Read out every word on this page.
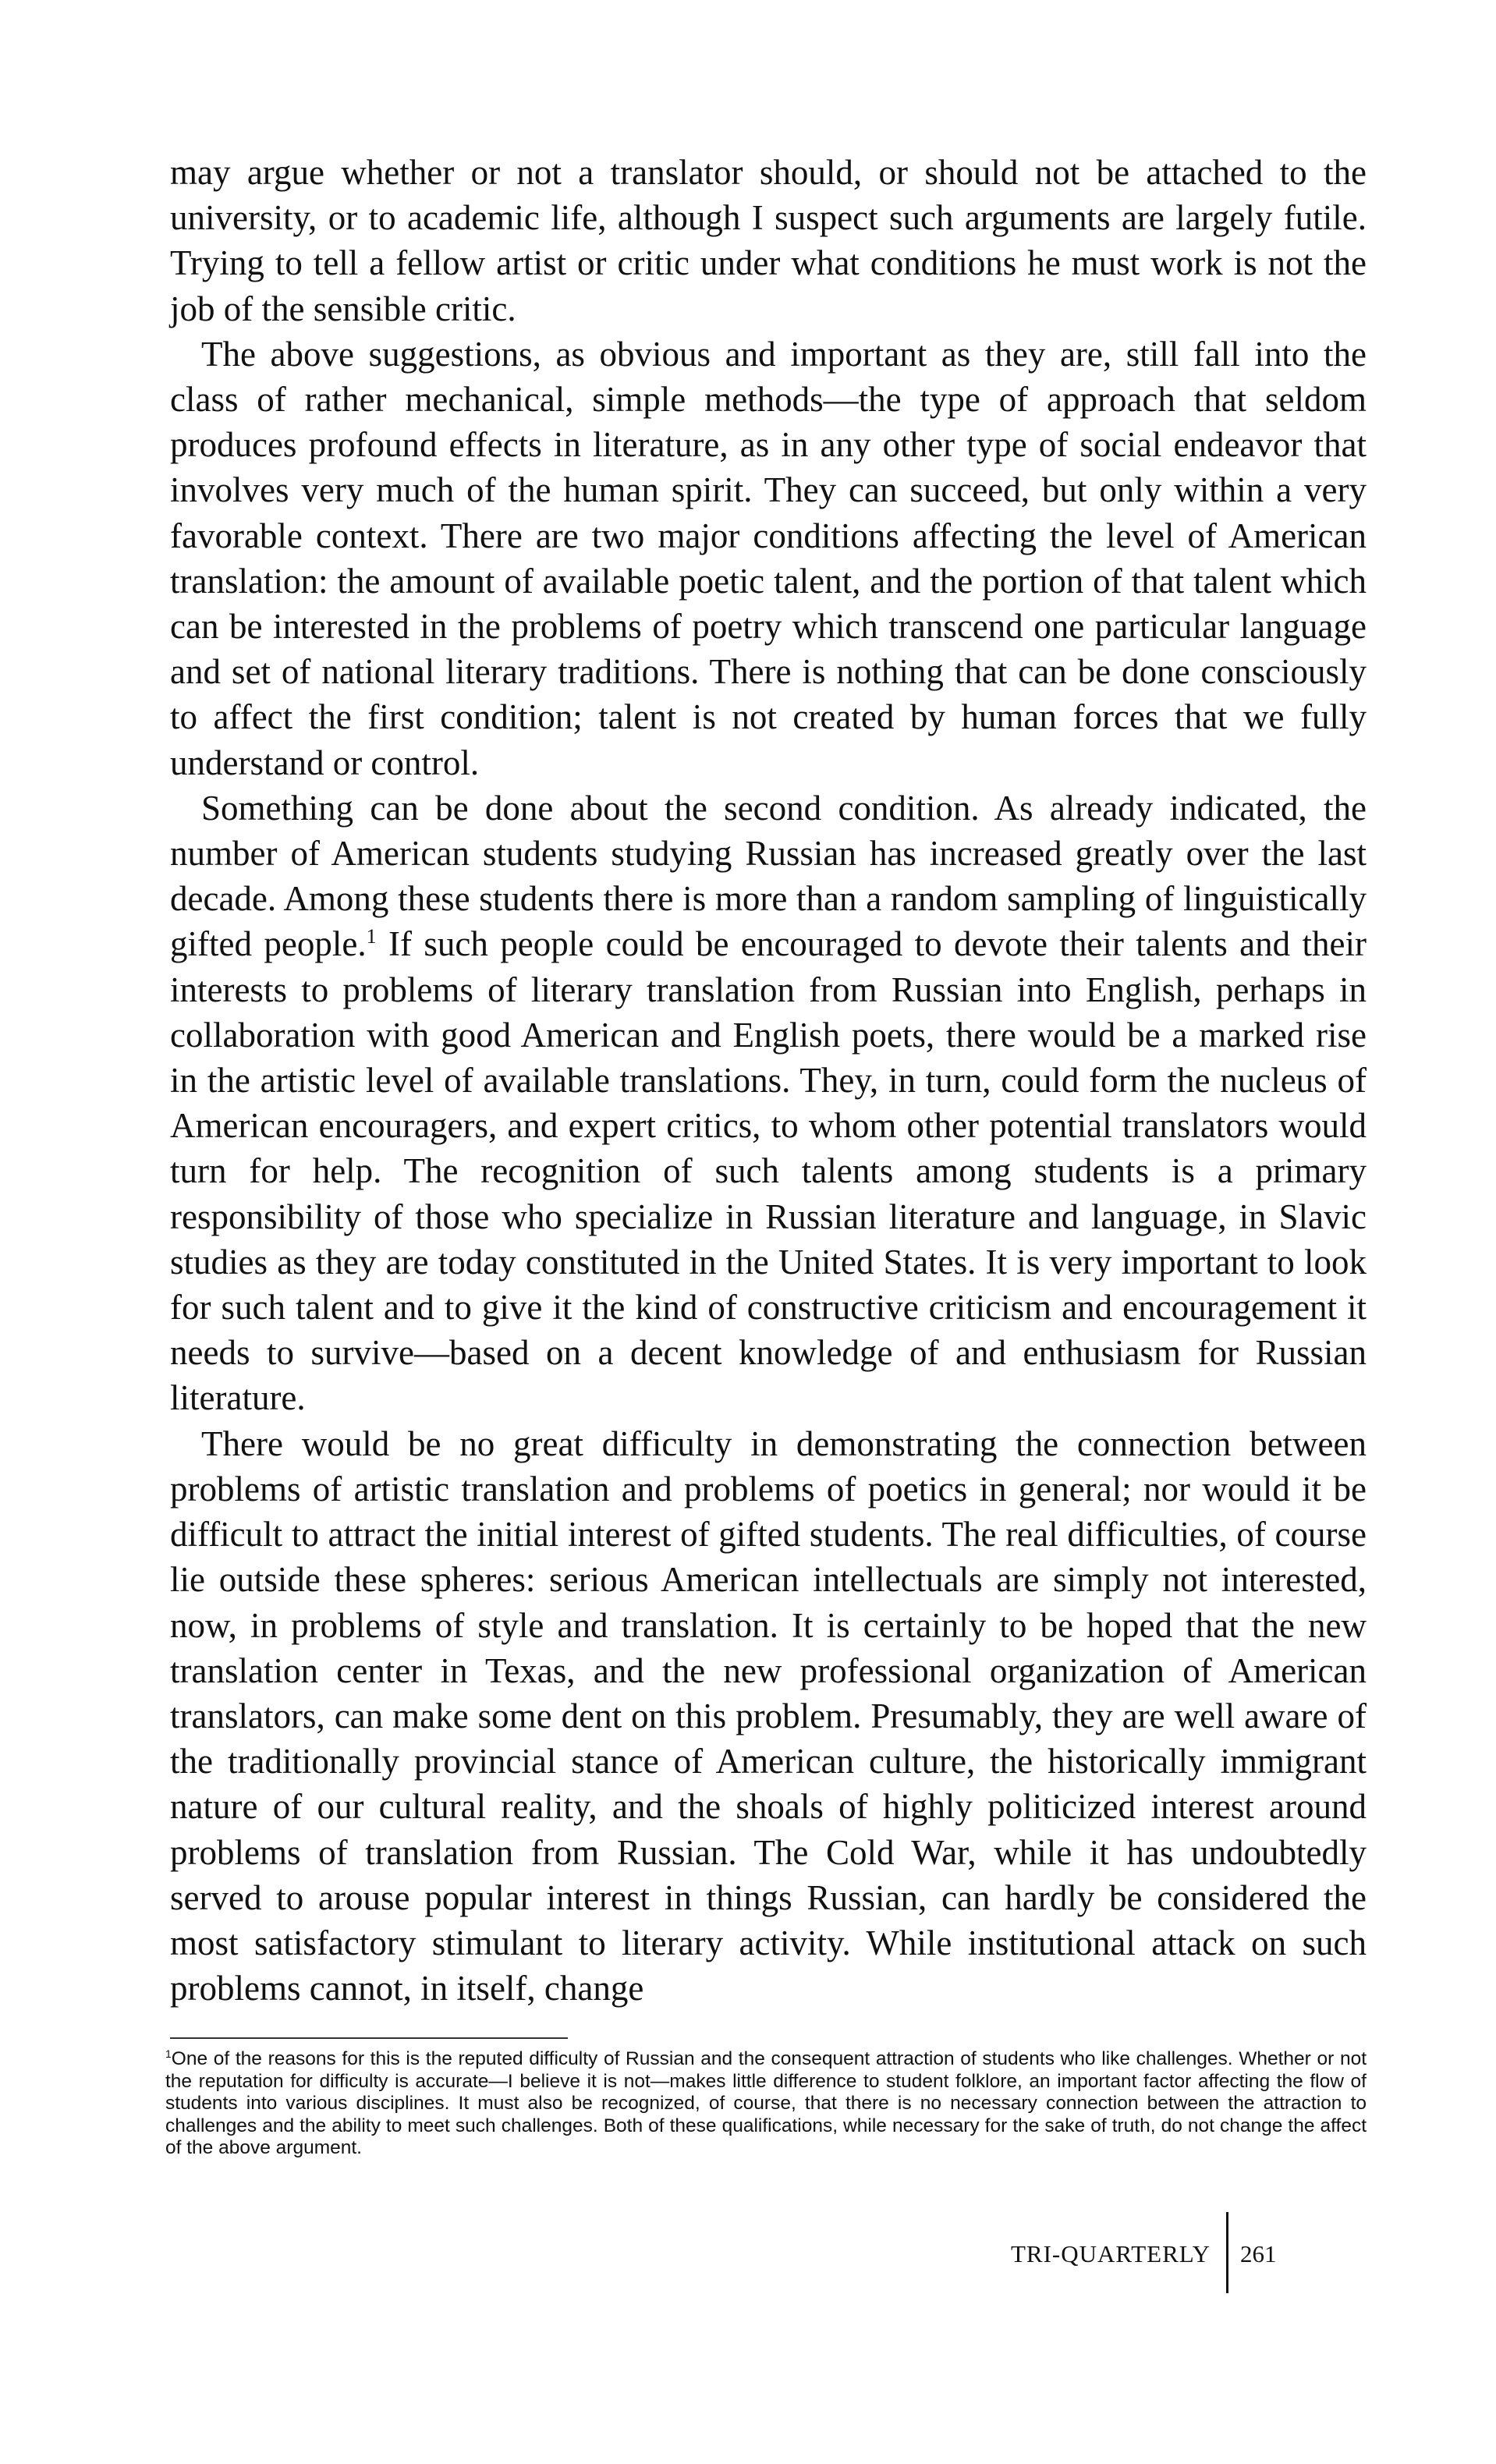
may argue whether or not a translator should, or should not be attached to the university, or to academic life, although I suspect such arguments are largely futile. Trying to tell a fellow artist or critic under what conditions he must work is not the job of the sensible critic.

The above suggestions, as obvious and important as they are, still fall into the class of rather mechanical, simple methods—the type of approach that seldom produces profound effects in literature, as in any other type of social endeavor that involves very much of the human spirit. They can succeed, but only within a very favorable context. There are two major conditions affecting the level of American translation: the amount of available poetic talent, and the portion of that talent which can be interested in the problems of poetry which transcend one particular language and set of national literary traditions. There is nothing that can be done consciously to affect the first condition; talent is not created by human forces that we fully understand or control.

Something can be done about the second condition. As already indicated, the number of American students studying Russian has increased greatly over the last decade. Among these students there is more than a random sampling of linguistically gifted people.$^1$ If such people could be encouraged to devote their talents and their interests to problems of literary translation from Russian into English, perhaps in collaboration with good American and English poets, there would be a marked rise in the artistic level of available translations. They, in turn, could form the nucleus of American encouragers, and expert critics, to whom other potential translators would turn for help. The recognition of such talents among students is a primary responsibility of those who specialize in Russian literature and language, in Slavic studies as they are today constituted in the United States. It is very important to look for such talent and to give it the kind of constructive criticism and encouragement it needs to survive—based on a decent knowledge of and enthusiasm for Russian literature.

There would be no great difficulty in demonstrating the connection between problems of artistic translation and problems of poetics in general; nor would it be difficult to attract the initial interest of gifted students. The real difficulties, of course lie outside these spheres: serious American intellectuals are simply not interested, now, in problems of style and translation. It is certainly to be hoped that the new translation center in Texas, and the new professional organization of American translators, can make some dent on this problem. Presumably, they are well aware of the traditionally provincial stance of American culture, the historically immigrant nature of our cultural reality, and the shoals of highly politicized interest around problems of translation from Russian. The Cold War, while it has undoubtedly served to arouse popular interest in things Russian, can hardly be considered the most satisfactory stimulant to literary activity. While institutional attack on such problems cannot, in itself, change

$^1$One of the reasons for this is the reputed difficulty of Russian and the consequent attraction of students who like challenges. Whether or not the reputation for difficulty is accurate—I believe it is not—makes little difference to student folklore, an important factor affecting the flow of students into various disciplines. It must also be recognized, of course, that there is no necessary connection between the attraction to challenges and the ability to meet such challenges. Both of these qualifications, while necessary for the sake of truth, do not change the affect of the above argument.

TRI-QUARTERLY 261
